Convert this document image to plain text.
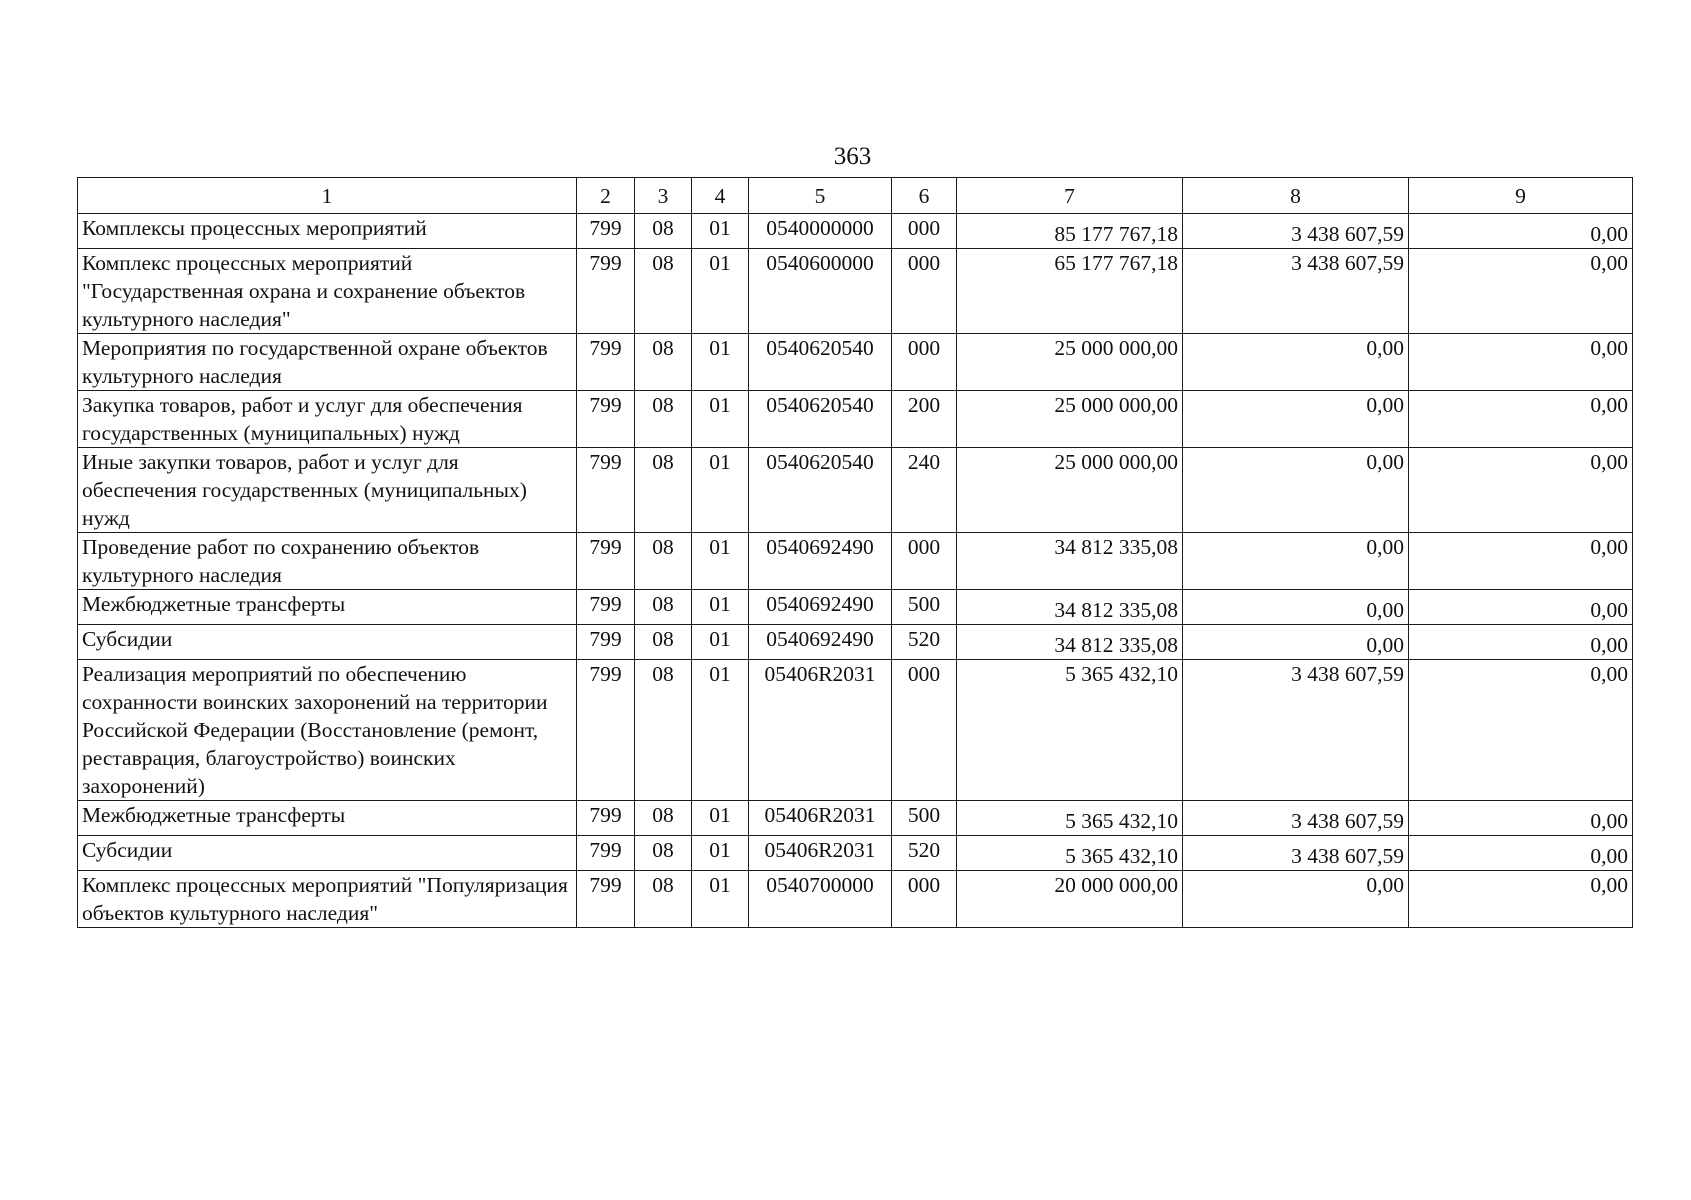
363
1	2	3	4	5	6	7	8	9
Комплексы процессных мероприятий	799	08	01	0540000000	000	85 177 767,18	3 438 607,59	0,00
Комплекс процессных мероприятий "Государственная охрана и сохранение объектов культурного наследия"	799	08	01	0540600000	000	65 177 767,18	3 438 607,59	0,00
Мероприятия по государственной охране объектов культурного наследия	799	08	01	0540620540	000	25 000 000,00	0,00	0,00
Закупка товаров, работ и услуг для обеспечения государственных (муниципальных) нужд	799	08	01	0540620540	200	25 000 000,00	0,00	0,00
Иные закупки товаров, работ и услуг для обеспечения государственных (муниципальных) нужд	799	08	01	0540620540	240	25 000 000,00	0,00	0,00
Проведение работ по сохранению объектов культурного наследия	799	08	01	0540692490	000	34 812 335,08	0,00	0,00
Межбюджетные трансферты	799	08	01	0540692490	500	34 812 335,08	0,00	0,00
Субсидии	799	08	01	0540692490	520	34 812 335,08	0,00	0,00
Реализация мероприятий по обеспечению сохранности воинских захоронений на территории Российской Федерации (Восстановление (ремонт, реставрация, благоустройство) воинских захоронений)	799	08	01	05406R2031	000	5 365 432,10	3 438 607,59	0,00
Межбюджетные трансферты	799	08	01	05406R2031	500	5 365 432,10	3 438 607,59	0,00
Субсидии	799	08	01	05406R2031	520	5 365 432,10	3 438 607,59	0,00
Комплекс процессных мероприятий "Популяризация объектов культурного наследия"	799	08	01	0540700000	000	20 000 000,00	0,00	0,00
